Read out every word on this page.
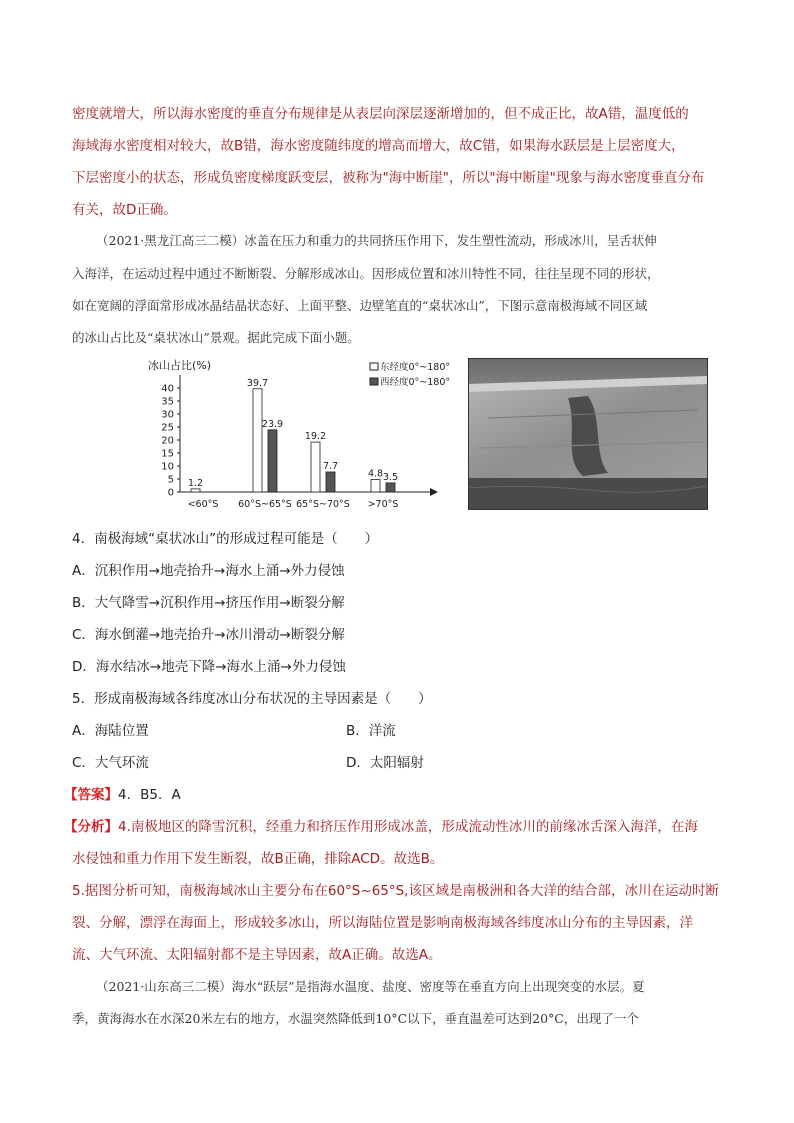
密度就增大，所以海水密度的垂直分布规律是从表层向深层逐渐增加的，但不成正比，故A错，温度低的
海域海水密度相对较大，故B错，海水密度随纬度的增高而增大，故C错，如果海水跃层是上层密度大，
下层密度小的状态，形成负密度梯度跃变层，被称为"海中断崖"，所以"海中断崖"现象与海水密度垂直分布
有关，故D正确。
（2021·黑龙江高三二模）冰盖在压力和重力的共同挤压作用下，发生塑性流动，形成冰川，呈舌状伸
入海洋，在运动过程中通过不断断裂、分解形成冰山。因形成位置和冰川特性不同，往往呈现不同的形状，
如在宽阔的浮面常形成冰晶结晶状态好、上面平整、边壁笔直的“桌状冰山”，下图示意南极海域不同区域
的冰山占比及“桌状冰山”景观。据此完成下面小题。
冰山占比(%)
0
5
10
15
20
25
30
35
40
1.2
39.7
23.9
19.2
7.7
4.8 3.5
<60°S 60°S~65°S 65°S~70°S >70°S
东经度0°~180°
西经度0°~180°
4．南极海域“桌状冰山”的形成过程可能是（　　）
A．沉积作用→地壳抬升→海水上涌→外力侵蚀
B．大气降雪→沉积作用→挤压作用→断裂分解
C．海水倒灌→地壳抬升→冰川滑动→断裂分解
D．海水结冰→地壳下降→海水上涌→外力侵蚀
5．形成南极海域各纬度冰山分布状况的主导因素是（　　）
A．海陆位置	B．洋流
C．大气环流	D．太阳辐射
【答案】4．B5．A
【分析】4.南极地区的降雪沉积，经重力和挤压作用形成冰盖，形成流动性冰川的前缘冰舌深入海洋，在海
水侵蚀和重力作用下发生断裂，故B正确，排除ACD。故选B。
5.据图分析可知，南极海域冰山主要分布在60°S~65°S,该区域是南极洲和各大洋的结合部，冰川在运动时断
裂、分解，漂浮在海面上，形成较多冰山，所以海陆位置是影响南极海域各纬度冰山分布的主导因素，洋
流、大气环流、太阳辐射都不是主导因素，故A正确。故选A。
（2021·山东高三二模）海水“跃层”是指海水温度、盐度、密度等在垂直方向上出现突变的水层。夏
季，黄海海水在水深20米左右的地方，水温突然降低到10°C以下，垂直温差可达到20°C，出现了一个
